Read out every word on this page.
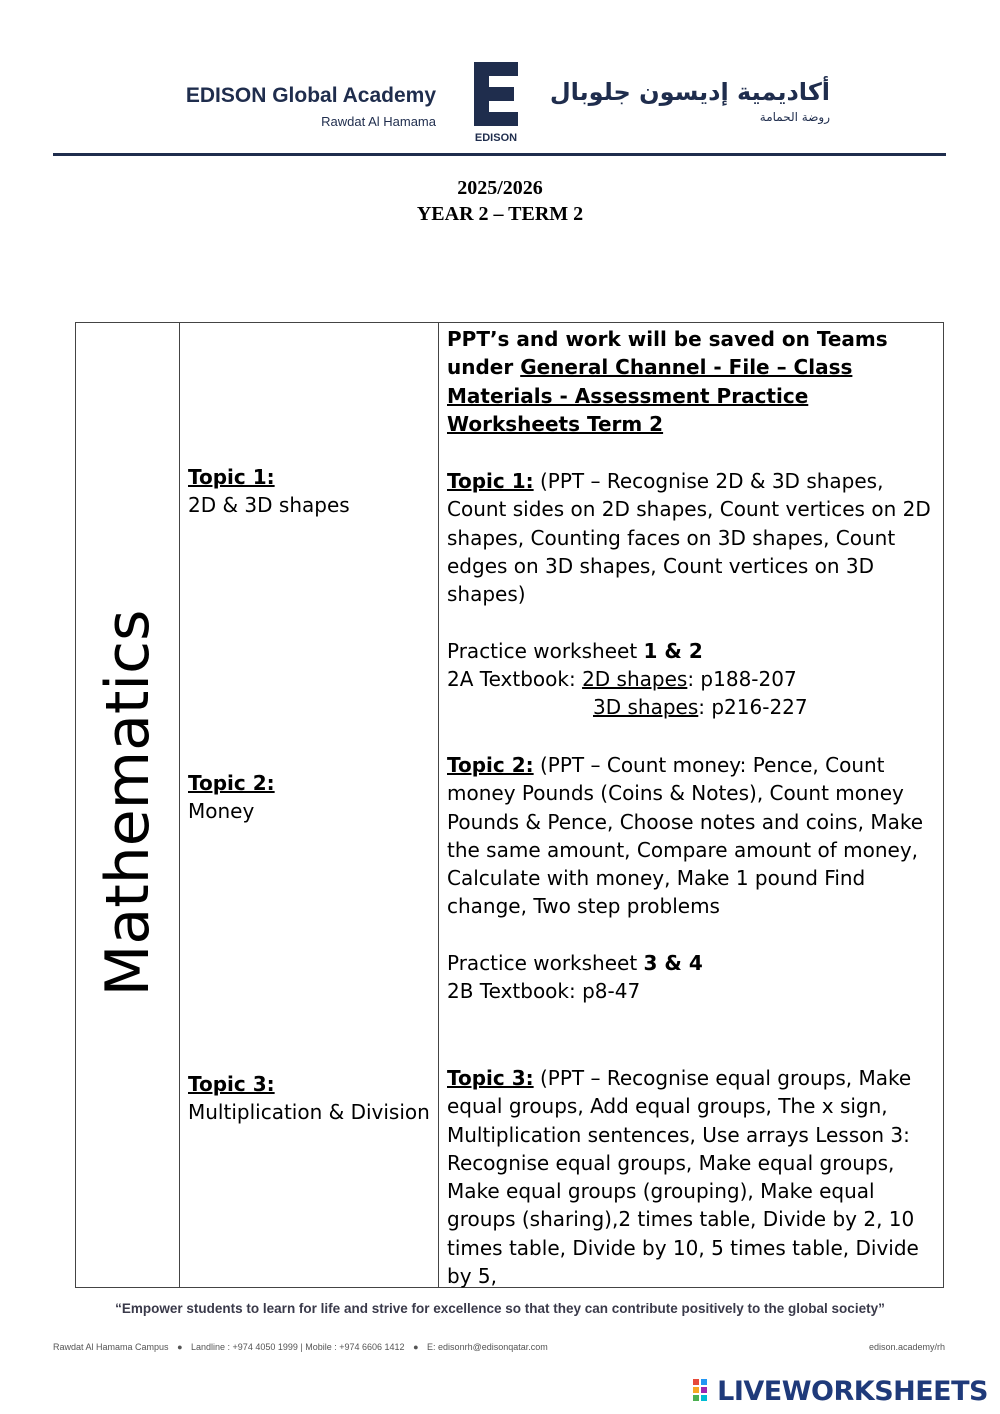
EDISON Global Academy
Rawdat Al Hamama
EDISON
أكاديمية إديسون جلوبال
روضة الحمامة
2025/2026
YEAR 2 – TERM 2
Mathematics
Topic 1:
2D & 3D shapes
Topic 2:
Money
Topic 3:
Multiplication & Division

PPT’s and work will be saved on Teams under General Channel - File – Class Materials - Assessment Practice Worksheets Term 2

Topic 1: (PPT – Recognise 2D & 3D shapes, Count sides on 2D shapes, Count vertices on 2D shapes, Counting faces on 3D shapes, Count edges on 3D shapes, Count vertices on 3D shapes)

Practice worksheet 1 & 2

2A Textbook: 2D shapes: p188-207

3D shapes: p216-227

Topic 2: (PPT – Count money: Pence, Count money Pounds (Coins & Notes), Count money Pounds & Pence, Choose notes and coins, Make the same amount, Compare amount of money, Calculate with money, Make 1 pound Find change, Two step problems

Practice worksheet 3 & 4

2B Textbook: p8-47

Topic 3: (PPT – Recognise equal groups, Make equal groups, Add equal groups, The x sign, Multiplication sentences, Use arrays Lesson 3: Recognise equal groups, Make equal groups, Make equal groups (grouping), Make equal groups (sharing),2 times table, Divide by 2, 10 times table, Divide by 10, 5 times table, Divide by 5,

“Empower students to learn for life and strive for excellence so that they can contribute positively to the global society”
Rawdat Al Hamama Campus ● Landline : +974 4050 1999 | Mobile : +974 6606 1412 ● E: edisonrh@edisonqatar.com	edison.academy/rh
LIVEWORKSHEETS
